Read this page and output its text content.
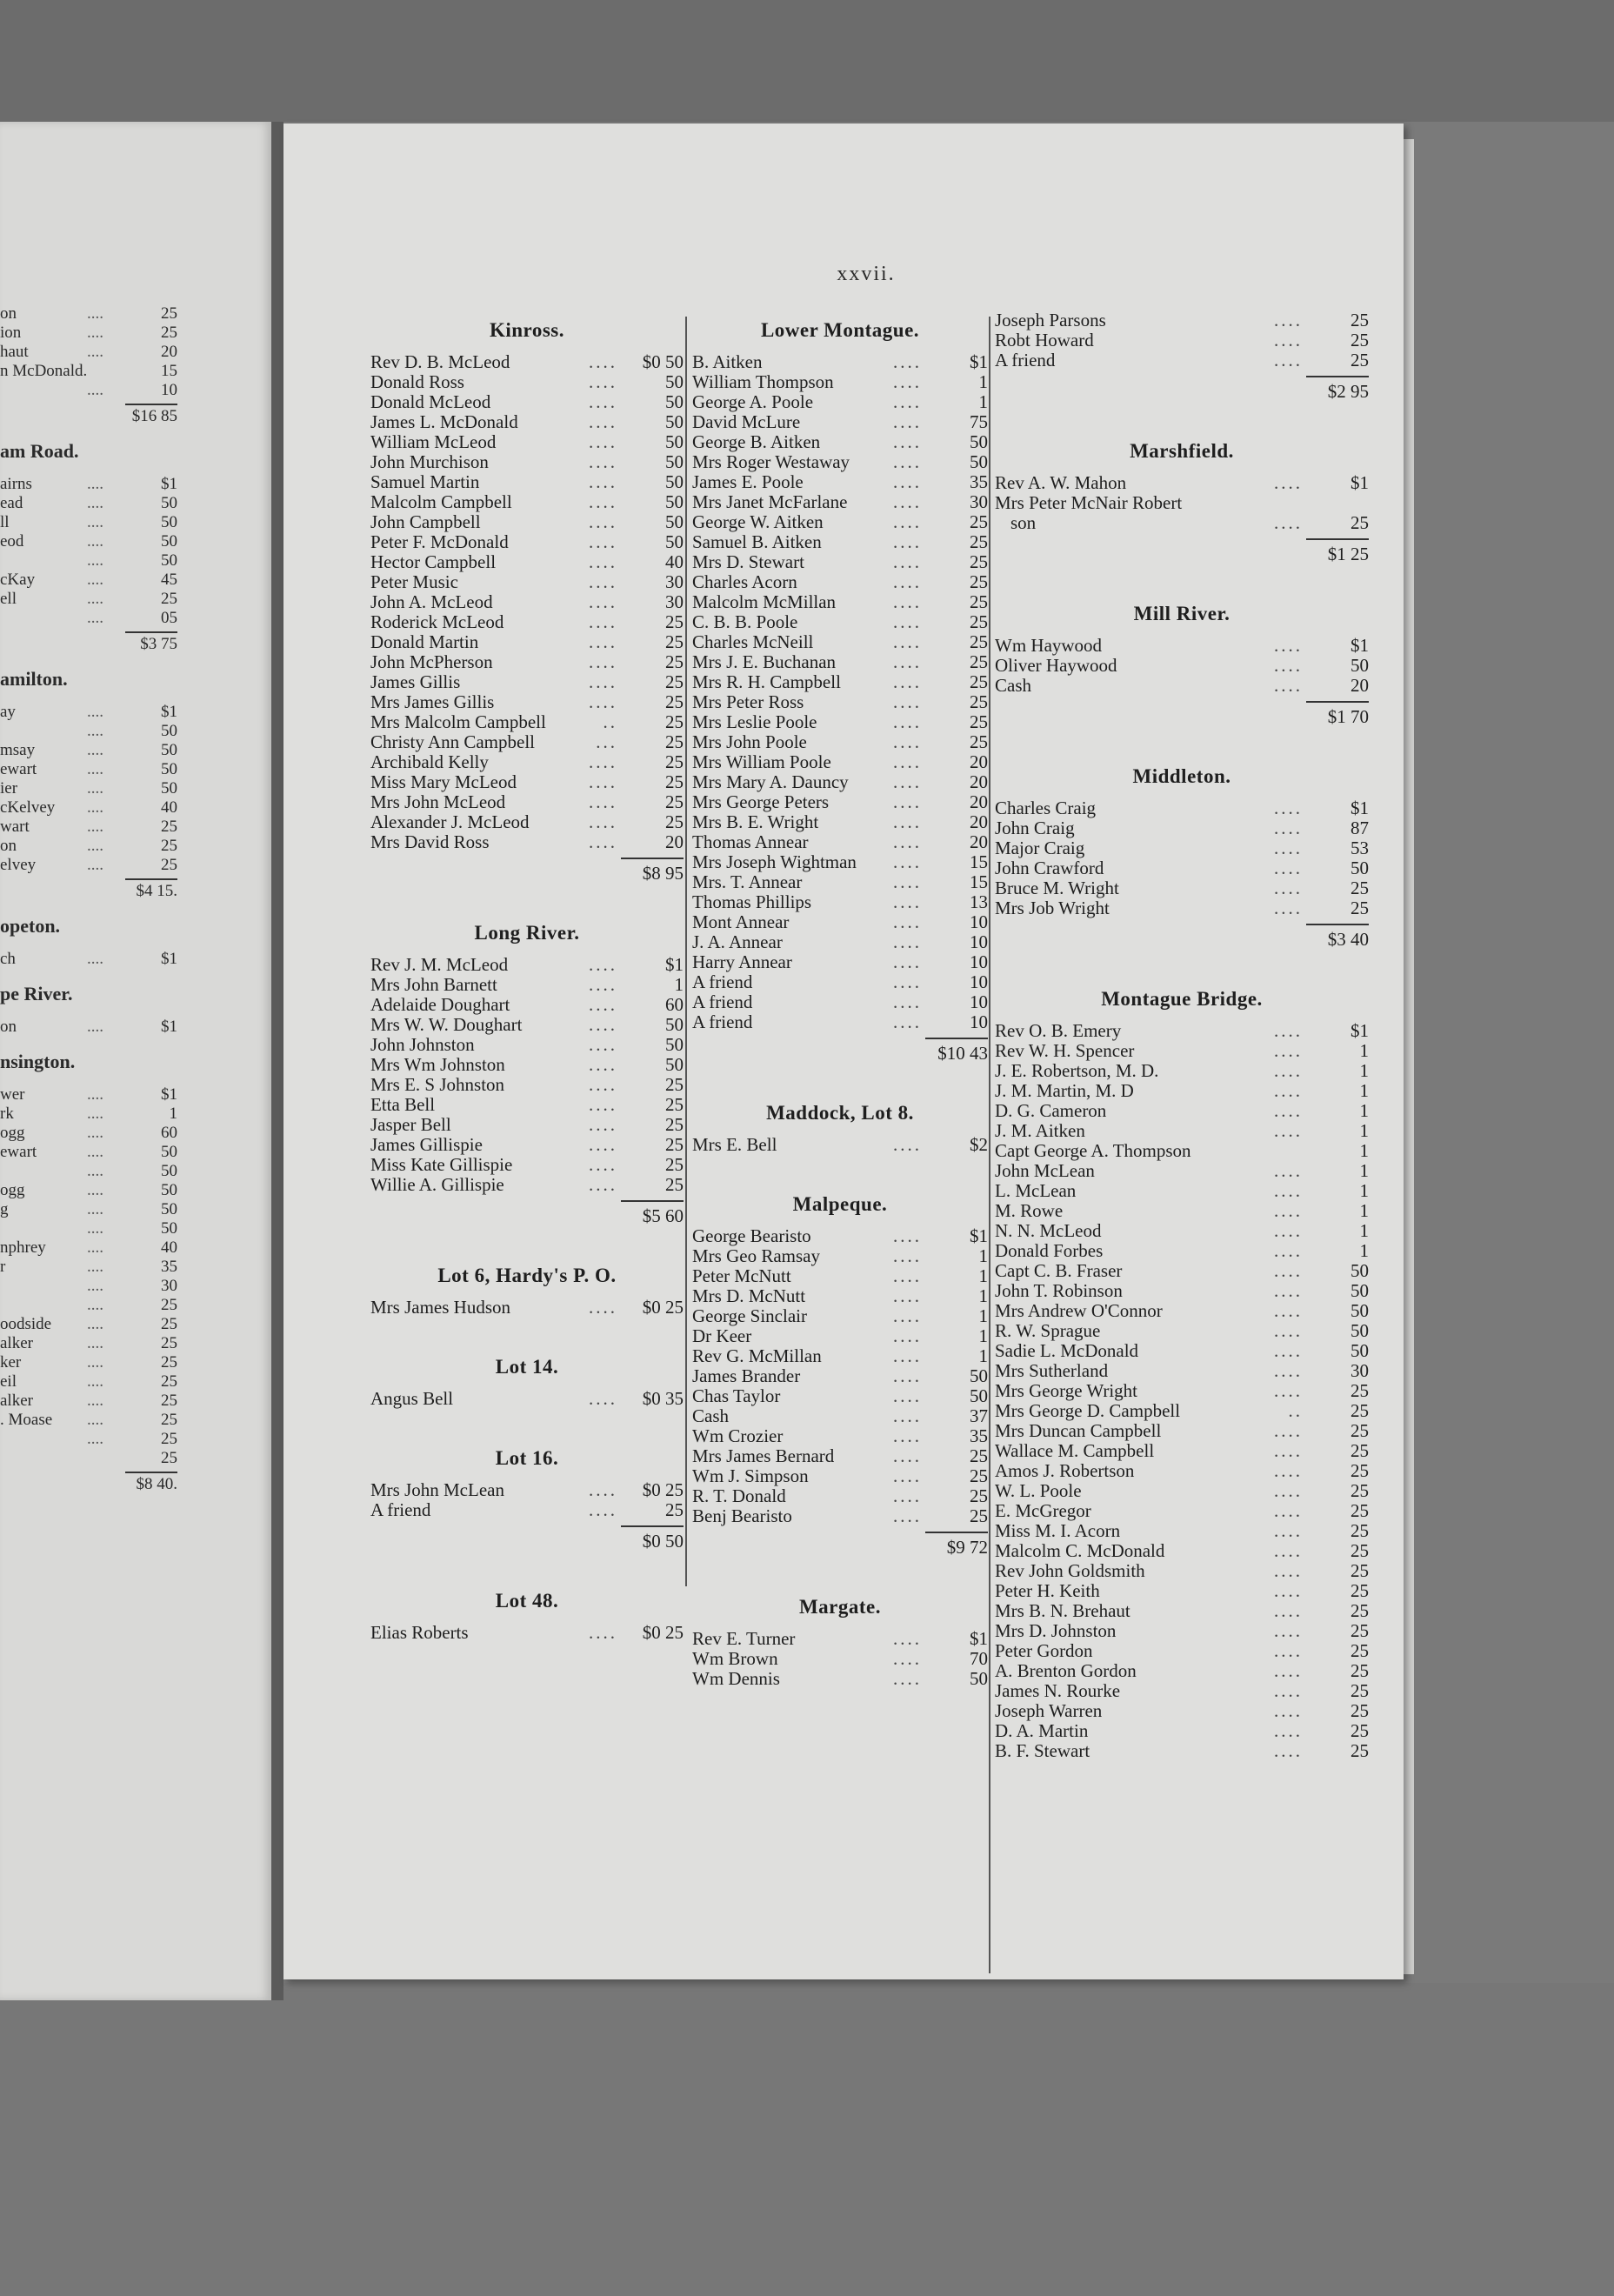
on	....	25
ion	....	25
haut	....	20
n McDonald.	15
....	10
$16 85
am Road.
airns	....	$1
ead	....	50
ll	....	50
eod	....	50
....	50
cKay	....	45
ell	....	25
....	05
$3 75
amilton.
ay	....	$1
....	50
msay	....	50
ewart	....	50
ier	....	50
cKelvey	....	40
wart	....	25
on	....	25
elvey	....	25
$4 15.
opeton.
ch	....	$1
pe River.
on	....	$1
nsington.
wer	....	$1
rk	....	1
ogg	....	60
ewart	....	50
....	50
ogg	....	50
g	....	50
....	50
nphrey	....	40
r	....	35
....	30
....	25
oodside	....	25
alker	....	25
ker	....	25
eil	....	25
alker	....	25
. Moase	....	25
....	25
25
$8 40.
xxvii.
Kinross.
Rev D. B. McLeod	....	$0 50
Donald Ross	....	50
Donald McLeod	....	50
James L. McDonald	....	50
William McLeod	....	50
John Murchison	....	50
Samuel Martin	....	50
Malcolm Campbell	....	50
John Campbell	....	50
Peter F. McDonald	....	50
Hector Campbell	....	40
Peter Music	....	30
John A. McLeod	....	30
Roderick McLeod	....	25
Donald Martin	....	25
John McPherson	....	25
James Gillis	....	25
Mrs James Gillis	....	25
Mrs Malcolm Campbell	..	25
Christy Ann Campbell	...	25
Archibald Kelly	....	25
Miss Mary McLeod	....	25
Mrs John McLeod	....	25
Alexander J. McLeod	....	25
Mrs David Ross	....	20
$8 95
Long River.
Rev J. M. McLeod	....	$1
Mrs John Barnett	....	1
Adelaide Doughart	....	60
Mrs W. W. Doughart	....	50
John Johnston	....	50
Mrs Wm Johnston	....	50
Mrs E. S Johnston	....	25
Etta Bell	....	25
Jasper Bell	....	25
James Gillispie	....	25
Miss Kate Gillispie	....	25
Willie A. Gillispie	....	25
$5 60
Lot 6, Hardy's P. O.
Mrs James Hudson	....	$0 25
Lot 14.
Angus Bell	....	$0 35
Lot 16.
Mrs John McLean	....	$0 25
A friend	....	25
$0 50
Lot 48.
Elias Roberts	....	$0 25
Lower Montague.
B. Aitken	....	$1
William Thompson	....	1
George A. Poole	....	1
David McLure	....	75
George B. Aitken	....	50
Mrs Roger Westaway	....	50
James E. Poole	....	35
Mrs Janet McFarlane	....	30
George W. Aitken	....	25
Samuel B. Aitken	....	25
Mrs D. Stewart	....	25
Charles Acorn	....	25
Malcolm McMillan	....	25
C. B. B. Poole	....	25
Charles McNeill	....	25
Mrs J. E. Buchanan	....	25
Mrs R. H. Campbell	....	25
Mrs Peter Ross	....	25
Mrs Leslie Poole	....	25
Mrs John Poole	....	25
Mrs William Poole	....	20
Mrs Mary A. Dauncy	....	20
Mrs George Peters	....	20
Mrs B. E. Wright	....	20
Thomas Annear	....	20
Mrs Joseph Wightman	....	15
Mrs. T. Annear	....	15
Thomas Phillips	....	13
Mont Annear	....	10
J. A. Annear	....	10
Harry Annear	....	10
A friend	....	10
A friend	....	10
A friend	....	10
$10 43
Maddock, Lot 8.
Mrs E. Bell	....	$2
Malpeque.
George Bearisto	....	$1
Mrs Geo Ramsay	....	1
Peter McNutt	....	1
Mrs D. McNutt	....	1
George Sinclair	....	1
Dr Keer	....	1
Rev G. McMillan	....	1
James Brander	....	50
Chas Taylor	....	50
Cash	....	37
Wm Crozier	....	35
Mrs James Bernard	....	25
Wm J. Simpson	....	25
R. T. Donald	....	25
Benj Bearisto	....	25
$9 72
Margate.
Rev E. Turner	....	$1
Wm Brown	....	70
Wm Dennis	....	50
Joseph Parsons	....	25
Robt Howard	....	25
A friend	....	25
$2 95
Marshfield.
Rev A. W. Mahon	....	$1
Mrs Peter McNair Robert
son	....	25
$1 25
Mill River.
Wm Haywood	....	$1
Oliver Haywood	....	50
Cash	....	20
$1 70
Middleton.
Charles Craig	....	$1
John Craig	....	87
Major Craig	....	53
John Crawford	....	50
Bruce M. Wright	....	25
Mrs Job Wright	....	25
$3 40
Montague Bridge.
Rev O. B. Emery	....	$1
Rev W. H. Spencer	....	1
J. E. Robertson, M. D.	....	1
J. M. Martin, M. D	....	1
D. G. Cameron	....	1
J. M. Aitken	....	1
Capt George A. Thompson	1
John McLean	....	1
L. McLean	....	1
M. Rowe	....	1
N. N. McLeod	....	1
Donald Forbes	....	1
Capt C. B. Fraser	....	50
John T. Robinson	....	50
Mrs Andrew O'Connor	....	50
R. W. Sprague	....	50
Sadie L. McDonald	....	50
Mrs Sutherland	....	30
Mrs George Wright	....	25
Mrs George D. Campbell	..	25
Mrs Duncan Campbell	....	25
Wallace M. Campbell	....	25
Amos J. Robertson	....	25
W. L. Poole	....	25
E. McGregor	....	25
Miss M. I. Acorn	....	25
Malcolm C. McDonald	....	25
Rev John Goldsmith	....	25
Peter H. Keith	....	25
Mrs B. N. Brehaut	....	25
Mrs D. Johnston	....	25
Peter Gordon	....	25
A. Brenton Gordon	....	25
James N. Rourke	....	25
Joseph Warren	....	25
D. A. Martin	....	25
B. F. Stewart	....	25
